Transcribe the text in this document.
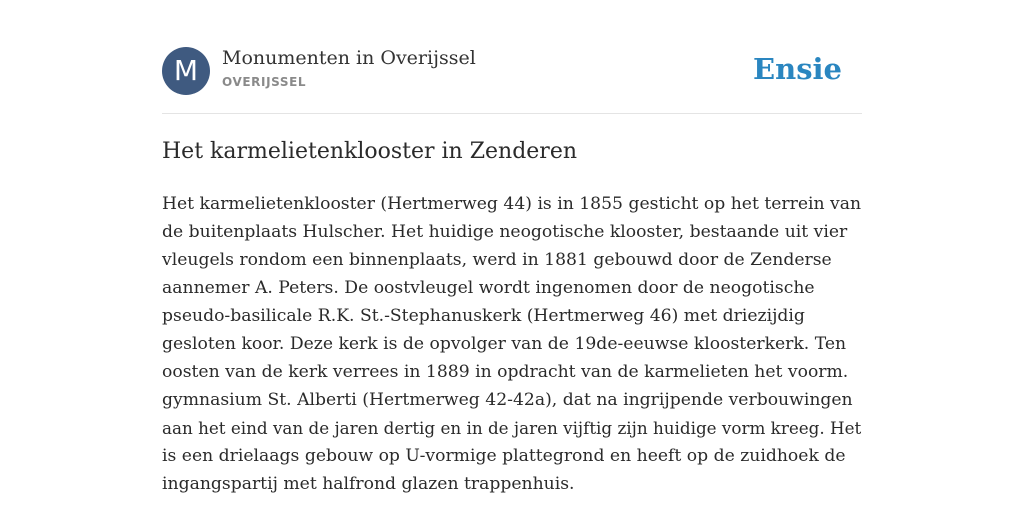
M	Monumenten in Overijssel
OVERIJSSEL	Ensie
Het karmelietenklooster in Zenderen

Het karmelietenklooster (Hertmerweg 44) is in 1855 gesticht op het terrein van
de buitenplaats Hulscher. Het huidige neogotische klooster, bestaande uit vier
vleugels rondom een binnenplaats, werd in 1881 gebouwd door de Zenderse
aannemer A. Peters. De oostvleugel wordt ingenomen door de neogotische
pseudo-basilicale R.K. St.-Stephanuskerk (Hertmerweg 46) met driezijdig
gesloten koor. Deze kerk is de opvolger van de 19de-eeuwse kloosterkerk. Ten
oosten van de kerk verrees in 1889 in opdracht van de karmelieten het voorm.
gymnasium St. Alberti (Hertmerweg 42-42a), dat na ingrijpende verbouwingen
aan het eind van de jaren dertig en in de jaren vijftig zijn huidige vorm kreeg. Het
is een drielaags gebouw op U-vormige plattegrond en heeft op de zuidhoek de
ingangspartij met halfrond glazen trappenhuis.
